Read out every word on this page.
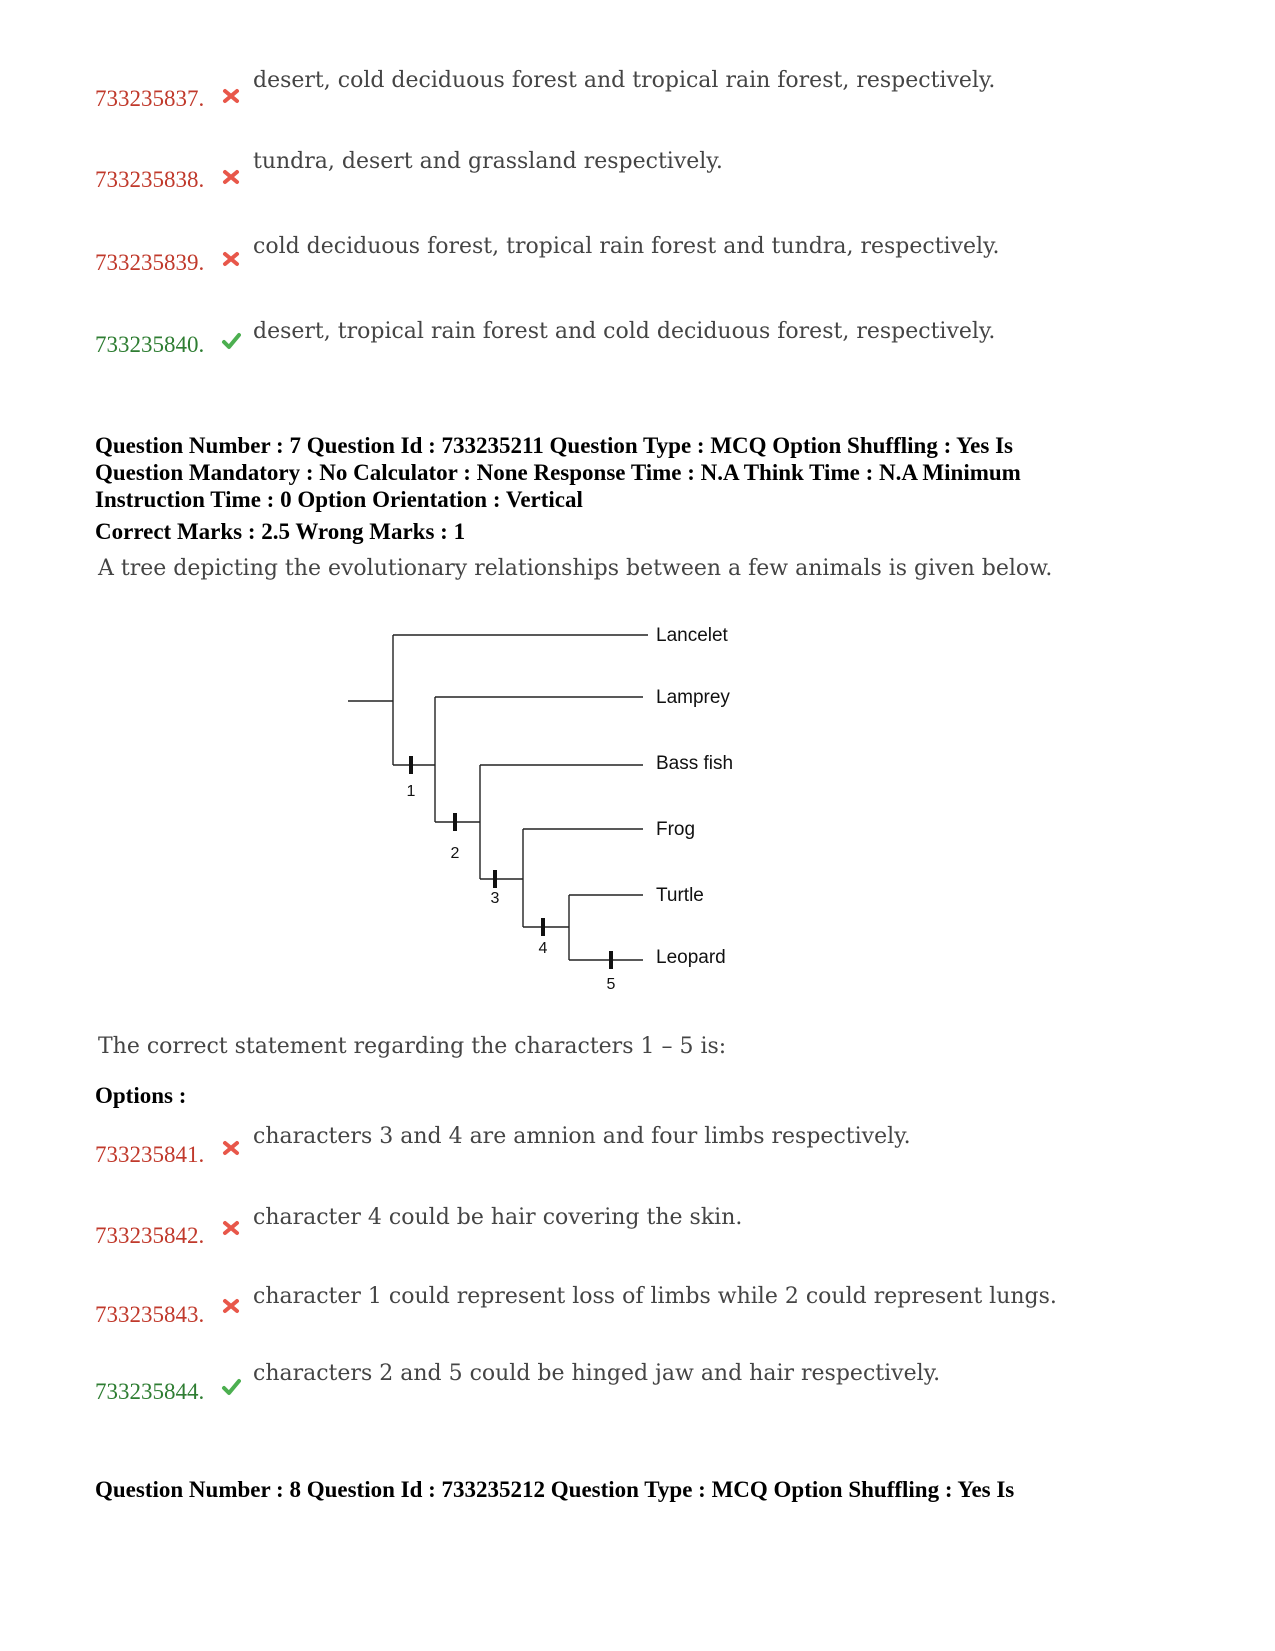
733235837.
desert, cold deciduous forest and tropical rain forest, respectively.
733235838.
tundra, desert and grassland respectively.
733235839.
cold deciduous forest, tropical rain forest and tundra, respectively.
733235840.
desert, tropical rain forest and cold deciduous forest, respectively.
Question Number : 7 Question Id : 733235211 Question Type : MCQ Option Shuffling : Yes Is
Question Mandatory : No Calculator : None Response Time : N.A Think Time : N.A Minimum
Instruction Time : 0 Option Orientation : Vertical
Correct Marks : 2.5 Wrong Marks : 1
A tree depicting the evolutionary relationships between a few animals is given below.
Lancelet
Lamprey
Bass fish
Frog
Turtle
Leopard
1
2
3
4
5
The correct statement regarding the characters 1 – 5 is:
Options :
733235841.
characters 3 and 4 are amnion and four limbs respectively.
733235842.
character 4 could be hair covering the skin.
733235843.
character 1 could represent loss of limbs while 2 could represent lungs.
733235844.
characters 2 and 5 could be hinged jaw and hair respectively.
Question Number : 8 Question Id : 733235212 Question Type : MCQ Option Shuffling : Yes Is
